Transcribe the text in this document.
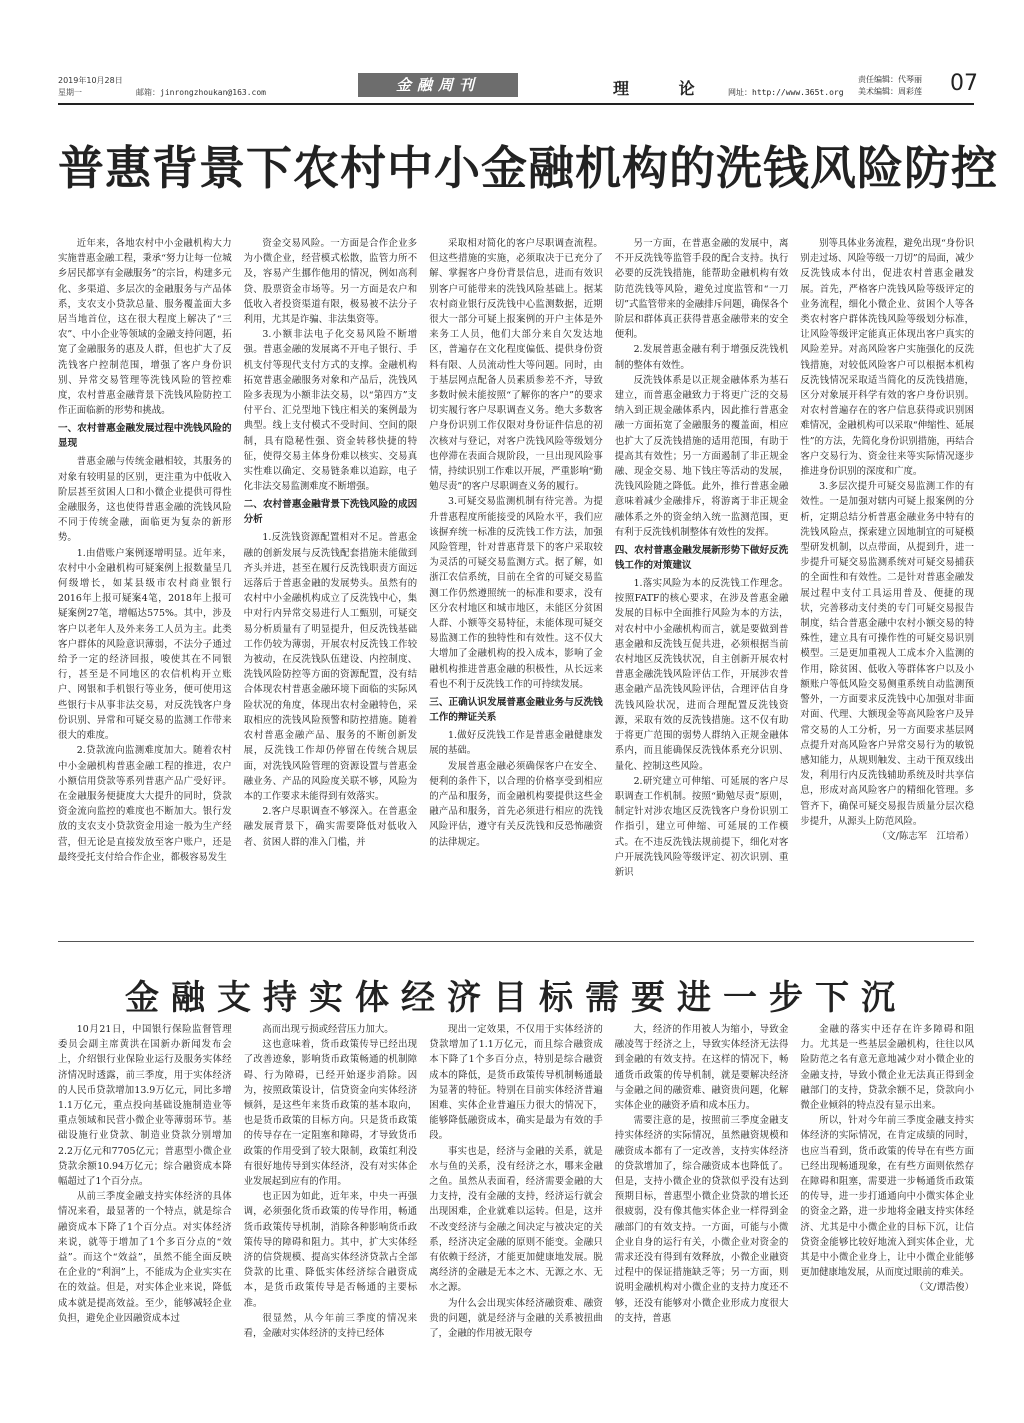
2019年10月28日
星期一	邮箱：jinrongzhoukan@163.com	金融周刊	理 论 网址：http://www.365t.org
责任编辑：代琴丽
美术编辑：周彩莲 07
普惠背景下农村中小金融机构的洗钱风险防控

近年来，各地农村中小金融机构大力实施普惠金融工程，秉承“努力让每一位城乡居民都享有金融服务”的宗旨，构建多元化、多渠道、多层次的金融服务与产品体系，支农支小贷款总量、服务覆盖面大多居当地首位，这在很大程度上解决了“三农”、中小企业等领域的金融支持问题，拓宽了金融服务的惠及人群，但也扩大了反洗钱客户控制范围，增强了客户身份识别、异常交易管理等洗钱风险的管控难度，农村普惠金融背景下洗钱风险防控工作正面临新的形势和挑战。

一、农村普惠金融发展过程中洗钱风险的显现

普惠金融与传统金融相较，其服务的对象有较明显的区别，更注重为中低收入阶层甚至贫困人口和小微企业提供可得性金融服务，这也使得普惠金融的洗钱风险不同于传统金融，面临更为复杂的新形势。

1.由借账户案例逐增明显。近年来，农村中小金融机构可疑案例上报数量呈几何级增长，如某县级市农村商业银行2016年上报可疑案4笔，2018年上报可疑案例27笔，增幅达575%。其中，涉及客户以老年人及外来务工人员为主。此类客户群体的风险意识薄弱，不法分子通过给予一定的经济回报，唆使其在不同银行，甚至是不同地区的农信机构开立账户、网银和手机银行等业务，便可使用这些银行卡从事非法交易，对反洗钱客户身份识别、异常和可疑交易的监测工作带来很大的难度。

2.贷款流向监测难度加大。随着农村中小金融机构普惠金融工程的推进，农户小额信用贷款等系列普惠产品广受好评。在金融服务便捷度大大提升的同时，贷款资金流向监控的难度也不断加大。银行发放的支农支小贷款资金用途一般为生产经营，但无论是直接发放至客户账户，还是最终受托支付给合作企业，都极容易发生

资金交易风险。一方面是合作企业多为小微企业，经营模式松散，监管力所不及，容易产生挪作他用的情况，例如高利贷、股票资金市场等。另一方面是农户和低收入者投资渠道有限，极易被不法分子利用，尤其是诈骗、非法集资等。

3.小额非法电子化交易风险不断增强。普惠金融的发展离不开电子银行、手机支付等现代支付方式的支撑。金融机构拓宽普惠金融服务对象和产品后，洗钱风险多表现为小额非法交易，以“第四方”支付平台、汇兑型地下钱庄相关的案例最为典型。线上支付模式不受时间、空间的限制，具有隐秘性强、资金转移快捷的特征，使得交易主体身份难以核实、交易真实性难以确定、交易链条难以追踪，电子化非法交易监测难度不断增强。

二、农村普惠金融背景下洗钱风险的成因分析

1.反洗钱资源配置相对不足。普惠金融的创新发展与反洗钱配套措施未能做到齐头并进，甚至在履行反洗钱职责方面远远落后于普惠金融的发展势头。虽然有的农村中小金融机构成立了反洗钱中心，集中对行内异常交易进行人工甄别，可疑交易分析质量有了明显提升，但反洗钱基础工作仍较为薄弱，开展农村反洗钱工作较为被动，在反洗钱队伍建设、内控制度、洗钱风险防控等方面的资源配置，没有结合体现农村普惠金融环境下面临的实际风险状况的角度，体现出农村金融特色，采取相应的洗钱风险预警和防控措施。随着农村普惠金融产品、服务的不断创新发展，反洗钱工作却仍停留在传统合规层面，对洗钱风险管理的资源设置与普惠金融业务、产品的风险度关联不够，风险为本的工作要求未能得到有效落实。

2.客户尽职调查不够深入。在普惠金融发展背景下，确实需要降低对低收入者、贫困人群的准入门槛，并

采取相对简化的客户尽职调查流程。但这些措施的实施，必须取决于已充分了解、掌握客户身份背景信息，进而有效识别客户可能带来的洗钱风险基础上。据某农村商业银行反洗钱中心监测数据，近期很大一部分可疑上报案例的开户主体是外来务工人员，他们大部分来自欠发达地区，普遍存在文化程度偏低、提供身份资料有限、人员流动性大等问题。同时，由于基层网点配备人员素质参差不齐，导致多数时候未能按照“了解你的客户”的要求切实履行客户尽职调查义务。绝大多数客户身份识别工作仅限对身份证件信息的初次核对与登记，对客户洗钱风险等级划分也停滞在表面合规阶段，一旦出现风险事情，持续识别工作难以开展，严重影响“勤勉尽责”的客户尽职调查义务的履行。

3.可疑交易监测机制有待完善。为提升普惠程度所能接受的风险水平，我们应该摒弃统一标准的反洗钱工作方法，加强风险管理，针对普惠背景下的客户采取较为灵活的可疑交易监测方式。据了解，如浙江农信系统，目前在全省的可疑交易监测工作仍然遵照统一的标准和要求，没有区分农村地区和城市地区，未能区分贫困人群、小额等交易特征，未能体现可疑交易监测工作的独特性和有效性。这不仅大大增加了金融机构的投入成本，影响了金融机构推进普惠金融的积极性，从长远来看也不利于反洗钱工作的可持续发展。

三、正确认识发展普惠金融业务与反洗钱工作的辩证关系

1.做好反洗钱工作是普惠金融健康发展的基础。

发展普惠金融必须确保客户在安全、便利的条件下，以合理的价格享受到相应的产品和服务，而金融机构要提供这些金融产品和服务，首先必须进行相应的洗钱风险评估，遵守有关反洗钱和反恐怖融资的法律规定。

另一方面，在普惠金融的发展中，离不开反洗钱等监管手段的配合支持。执行必要的反洗钱措施，能帮助金融机构有效防范洗钱等风险，避免过度监管和“一刀切”式监管带来的金融排斥问题，确保各个阶层和群体真正获得普惠金融带来的安全便利。

2.发展普惠金融有利于增强反洗钱机制的整体有效性。

反洗钱体系是以正规金融体系为基石建立，而普惠金融致力于将更广泛的交易纳入到正规金融体系内，因此推行普惠金融一方面拓宽了金融服务的覆盖面，相应也扩大了反洗钱措施的适用范围，有助于提高其有效性；另一方面遏制了非正规金融、现金交易、地下钱庄等活动的发展，洗钱风险随之降低。此外，推行普惠金融意味着减少金融排斥，将游离于非正规金融体系之外的资金纳入统一监测范围，更有利于反洗钱机制整体有效性的发挥。

四、农村普惠金融发展新形势下做好反洗钱工作的对策建议

1.落实风险为本的反洗钱工作理念。按照FATF的核心要求，在涉及普惠金融发展的目标中全面推行风险为本的方法，对农村中小金融机构而言，就是要做到普惠金融和反洗钱互促共进，必须根据当前农村地区反洗钱状况，自主创新开展农村普惠金融洗钱风险评估工作，开展涉农普惠金融产品洗钱风险评估，合理评估自身洗钱风险状况，进而合理配置反洗钱资源，采取有效的反洗钱措施。这不仅有助于将更广范围的弱势人群纳入正规金融体系内，而且能确保反洗钱体系充分识别、量化、控制这些风险。

2.研究建立可伸缩、可延展的客户尽职调查工作机制。按照“勤勉尽责”原则，制定针对涉农地区反洗钱客户身份识别工作指引，建立可伸缩、可延展的工作模式。在不违反洗钱法规前提下，细化对客户开展洗钱风险等级评定、初次识别、重新识

别等具体业务流程，避免出现“身份识别走过场、风险等级一刀切”的局面，减少反洗钱成本付出，促进农村普惠金融发展。首先，严格客户洗钱风险等级评定的业务流程，细化小微企业、贫困个人等各类农村客户群体洗钱风险等级划分标准，让风险等级评定能真正体现出客户真实的风险差异。对高风险客户实施强化的反洗钱措施，对较低风险客户可以根据本机构反洗钱情况采取适当简化的反洗钱措施，区分对象展开科学有效的客户身份识别。对农村普遍存在的客户信息获得或识别困难情况，金融机构可以采取“伸缩性、延展性”的方法，先简化身份识别措施，再结合客户交易行为、资金往来等实际情况逐步推进身份识别的深度和广度。

3.多层次提升可疑交易监测工作的有效性。一是加强对辖内可疑上报案例的分析，定期总结分析普惠金融业务中特有的洗钱风险点，探索建立因地制宜的可疑模型研发机制，以点带面，从提到升，进一步提升可疑交易监测系统对可疑交易捕获的全面性和有效性。二是针对普惠金融发展过程中支付工具运用普及、便捷的现状，完善移动支付类的专门可疑交易报告制度，结合普惠金融中农村小额交易的特殊性，建立具有可操作性的可疑交易识别模型。三是更加重视人工成本介入监测的作用，除贫困、低收入等群体客户以及小额账户等低风险交易侧重系统自动监测预警外，一方面要求反洗钱中心加强对非面对面、代理、大额现金等高风险客户及异常交易的人工分析，另一方面要求基层网点提升对高风险客户异常交易行为的敏锐感知能力，从规则触发、主动干预双线出发，利用行内反洗钱辅助系统及时共享信息，形成对高风险客户的精细化管理。多管齐下，确保可疑交易报告质量分层次稳步提升，从源头上防范风险。

（文/陈志军　江培希）

金融支持实体经济目标需要进一步下沉

10月21日，中国银行保险监督管理委员会副主席黄洪在国新办新闻发布会上，介绍银行业保险业运行及服务实体经济情况时透露，前三季度，用于实体经济的人民币贷款增加13.9万亿元，同比多增1.1万亿元，重点投向基础设施制造业等重点领域和民营小微企业等薄弱环节。基础设施行业贷款、制造业贷款分别增加2.2万亿元和7705亿元；普惠型小微企业贷款余额10.94万亿元；综合融资成本降幅超过了1个百分点。

从前三季度金融支持实体经济的具体情况来看，最显著的一个特点，就是综合融资成本下降了1个百分点。对实体经济来说，就等于增加了1个多百分点的“效益”。而这个“效益”，虽然不能全面反映在企业的“利润”上，不能成为企业实实在在的效益。但是，对实体企业来说，降低成本就是提高效益。至少，能够减轻企业负担，避免企业因融资成本过

高而出现亏损或经营压力加大。

这也意味着，货币政策传导已经出现了改善迹象，影响货币政策畅通的机制障碍、行为障碍，已经开始逐步消除。因为，按照政策设计，信贷资金向实体经济倾斜，是这些年来货币政策的基本取向，也是货币政策的目标方向。只是货币政策的传导存在一定阻塞和障碍，才导致货币政策的作用受到了较大限制，政策红利没有很好地传导到实体经济，没有对实体企业发展起到应有的作用。

也正因为如此，近年来，中央一再强调，必须强化货币政策的传导作用，畅通货币政策传导机制，消除各种影响货币政策传导的障碍和阻力。其中，扩大实体经济的信贷规模、提高实体经济贷款占全部贷款的比重、降低实体经济综合融资成本，是货币政策传导是否畅通的主要标准。

很显然，从今年前三季度的情况来看，金融对实体经济的支持已经体

现出一定效果，不仅用于实体经济的贷款增加了1.1万亿元，而且综合融资成本下降了1个多百分点，特别是综合融资成本的降低，是货币政策传导机制畅通最为显著的特征。特别在目前实体经济普遍困难、实体企业普遍压力很大的情况下，能够降低融资成本，确实是最为有效的手段。

事实也是，经济与金融的关系，就是水与鱼的关系，没有经济之水，哪来金融之鱼。虽然从表面看，经济需要金融的大力支持，没有金融的支持，经济运行就会出现困难，企业就难以运转。但是，这并不改变经济与金融之间决定与被决定的关系，经济决定金融的原则不能变。金融只有依赖于经济，才能更加健康地发展。脱离经济的金融是无本之木、无源之水、无水之源。

为什么会出现实体经济融资难、融资贵的问题，就是经济与金融的关系被扭曲了，金融的作用被无限夸

大，经济的作用被人为缩小，导致金融凌驾于经济之上，导致实体经济无法得到金融的有效支持。在这样的情况下，畅通货币政策的传导机制，就是要解决经济与金融之间的融资难、融资贵问题，化解实体企业的融资矛盾和成本压力。

需要注意的是，按照前三季度金融支持实体经济的实际情况，虽然融资规模和融资成本都有了一定改善，支持实体经济的贷款增加了，综合融资成本也降低了。但是，支持小微企业的贷款似乎没有达到预期目标，普惠型小微企业贷款的增长还很疲弱，没有像其他实体企业一样得到金融部门的有效支持。一方面，可能与小微企业自身的运行有关，小微企业对资金的需求还没有得到有效释放，小微企业融资过程中的保证措施缺乏等；另一方面，则说明金融机构对小微企业的支持力度还不够，还没有能够对小微企业形成力度很大的支持，普惠

金融的落实中还存在许多障碍和阻力。尤其是一些基层金融机构，往往以风险防范之名有意无意地减少对小微企业的金融支持，导致小微企业无法真正得到金融部门的支持，贷款余额不足，贷款向小微企业倾斜的特点没有显示出来。

所以，针对今年前三季度金融支持实体经济的实际情况，在肯定成绩的同时，也应当看到，货币政策的传导在有些方面已经出现畅通现象，在有些方面则依然存在障碍和阻塞，需要进一步畅通货币政策的传导，进一步打通通向中小微实体企业的资金之路，进一步地将金融支持实体经济、尤其是中小微企业的目标下沉，让信贷资金能够比较好地流入到实体企业，尤其是中小微企业身上，让中小微企业能够更加健康地发展，从而度过眼前的难关。

（文/谭浩俊）
